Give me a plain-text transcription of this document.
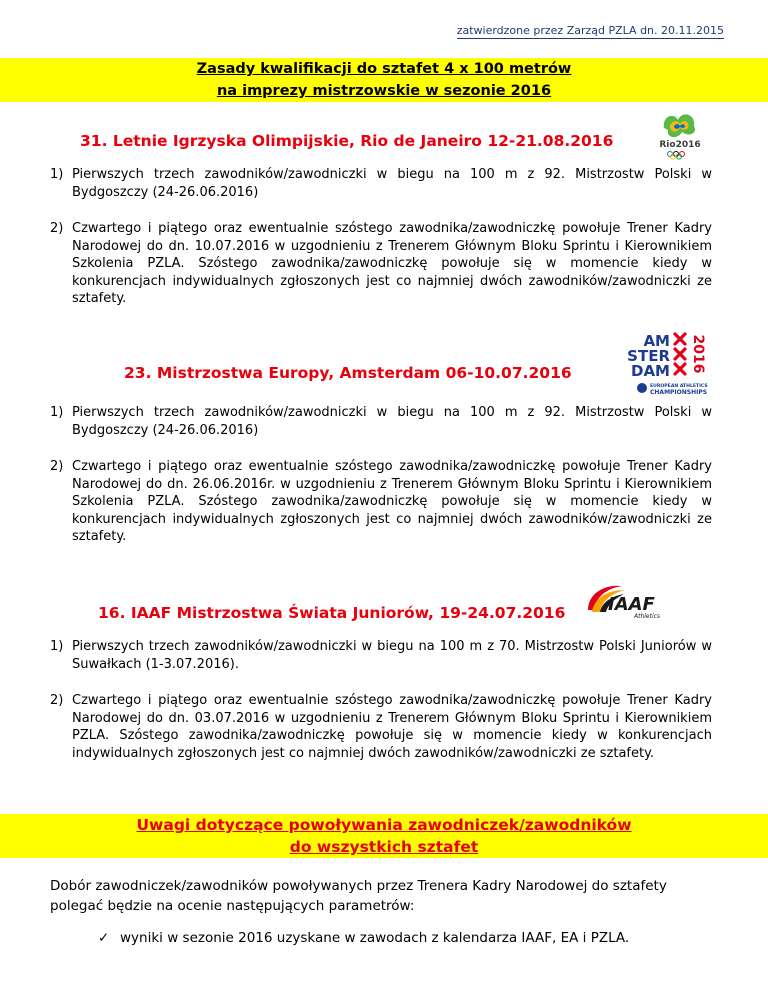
zatwierdzone przez Zarząd PZLA dn. 20.11.2015
Zasady kwalifikacji do sztafet 4 x 100 metrów
na imprezy mistrzowskie w sezonie 2016
31. Letnie Igrzyska Olimpijskie, Rio de Janeiro 12-21.08.2016	Rio2016
1) Pierwszych trzech zawodników/zawodniczki w biegu na 100 m z 92. Mistrzostw Polski w Bydgoszczy (24-26.06.2016)
2) Czwartego i piątego oraz ewentualnie szóstego zawodnika/zawodniczkę powołuje Trener Kadry Narodowej do dn. 10.07.2016 w uzgodnieniu z Trenerem Głównym Bloku Sprintu i Kierownikiem Szkolenia PZLA. Szóstego zawodnika/zawodniczkę powołuje się w momencie kiedy w konkurencjach indywidualnych zgłoszonych jest co najmniej dwóch zawodników/zawodniczki ze sztafety.
AM
STER
DAM 2016
EUROPEAN ATHLETICS
CHAMPIONSHIPS
23. Mistrzostwa Europy, Amsterdam 06-10.07.2016
1) Pierwszych trzech zawodników/zawodniczki w biegu na 100 m z 92. Mistrzostw Polski w Bydgoszczy (24-26.06.2016)
2) Czwartego i piątego oraz ewentualnie szóstego zawodnika/zawodniczkę powołuje Trener Kadry Narodowej do dn. 26.06.2016r. w uzgodnieniu z Trenerem Głównym Bloku Sprintu i Kierownikiem Szkolenia PZLA. Szóstego zawodnika/zawodniczkę powołuje się w momencie kiedy w konkurencjach indywidualnych zgłoszonych jest co najmniej dwóch zawodników/zawodniczki ze sztafety.
16. IAAF Mistrzostwa Świata Juniorów, 19-24.07.2016 IAAF
Athletics
1) Pierwszych trzech zawodników/zawodniczki w biegu na 100 m z 70. Mistrzostw Polski Juniorów w Suwałkach (1-3.07.2016).
2) Czwartego i piątego oraz ewentualnie szóstego zawodnika/zawodniczkę powołuje Trener Kadry Narodowej do dn. 03.07.2016 w uzgodnieniu z Trenerem Głównym Bloku Sprintu i Kierownikiem PZLA. Szóstego zawodnika/zawodniczkę powołuje się w momencie kiedy w konkurencjach indywidualnych zgłoszonych jest co najmniej dwóch zawodników/zawodniczki ze sztafety.
Uwagi dotyczące powoływania zawodniczek/zawodników
do wszystkich sztafet
Dobór zawodniczek/zawodników powoływanych przez Trenera Kadry Narodowej do sztafety polegać będzie na ocenie następujących parametrów:
✓ wyniki w sezonie 2016 uzyskane w zawodach z kalendarza IAAF, EA i PZLA.
